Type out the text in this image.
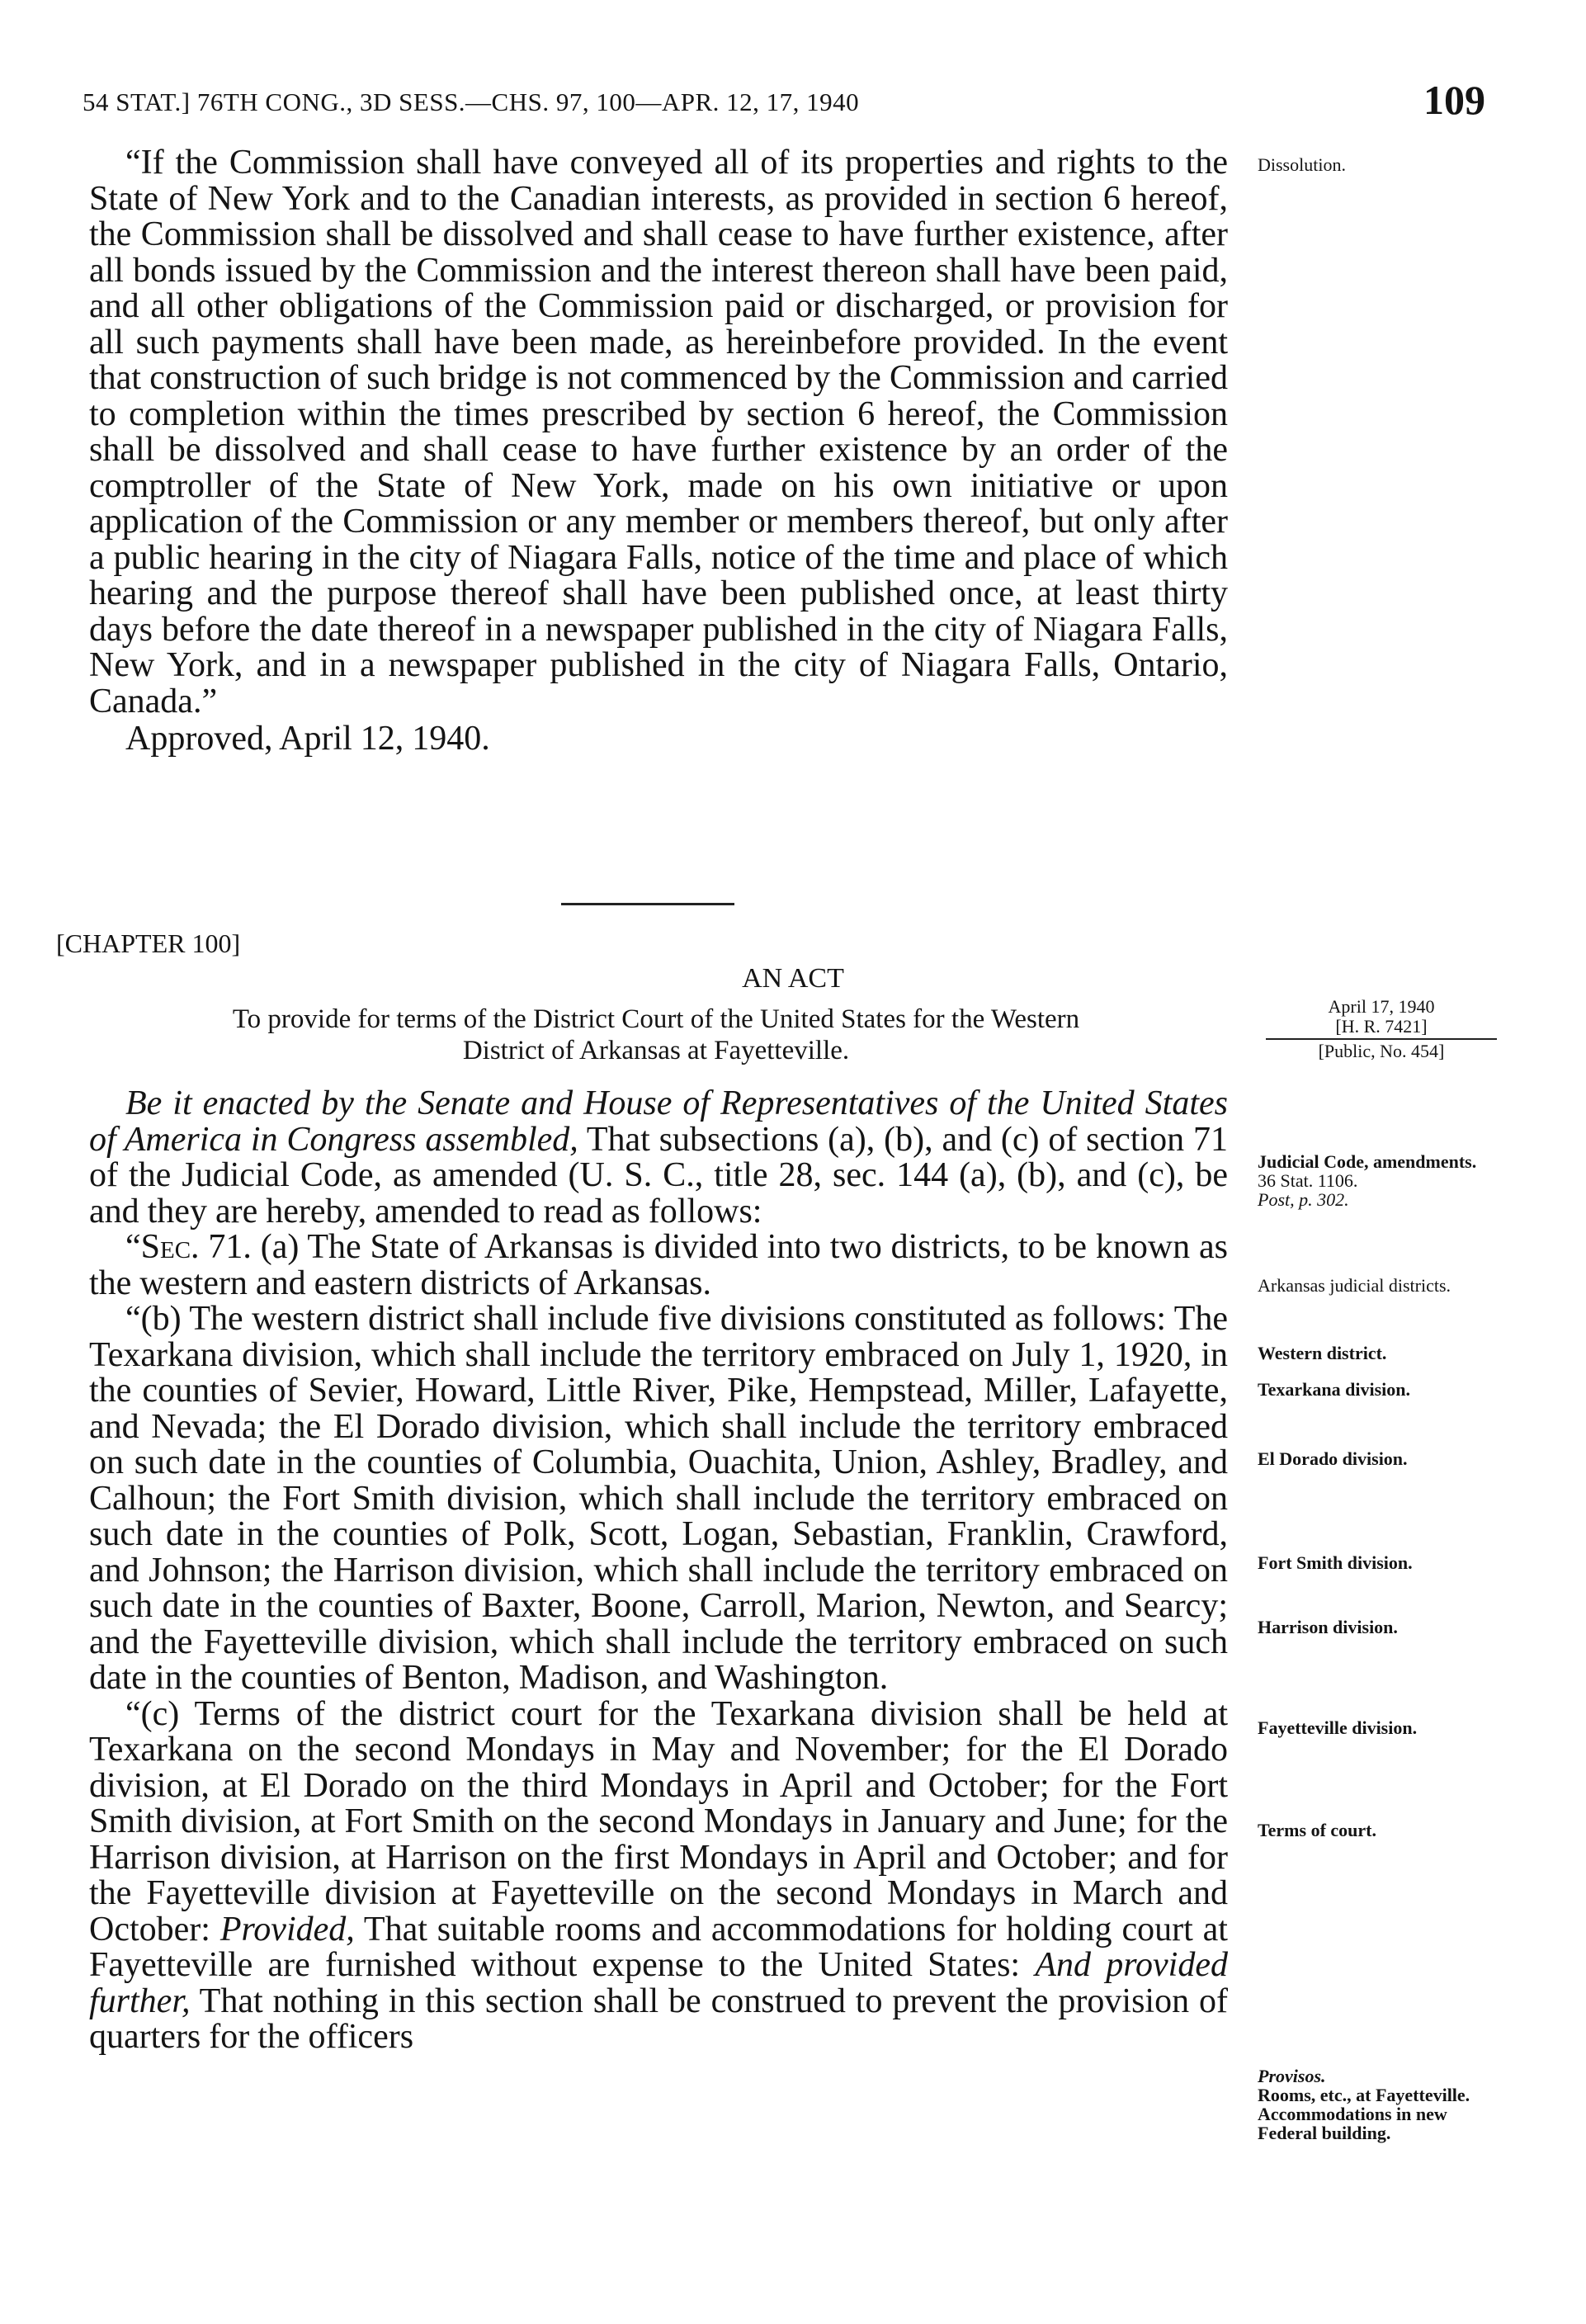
54 STAT.] 76TH CONG., 3D SESS.—CHS. 97, 100—APR. 12, 17, 1940	109

“If the Commission shall have conveyed all of its properties and rights to the State of New York and to the Canadian interests, as provided in section 6 hereof, the Commission shall be dissolved and shall cease to have further existence, after all bonds issued by the Commission and the interest thereon shall have been paid, and all other obligations of the Commission paid or discharged, or provision for all such payments shall have been made, as hereinbefore provided. In the event that construction of such bridge is not commenced by the Commission and carried to completion within the times prescribed by section 6 hereof, the Commission shall be dissolved and shall cease to have further existence by an order of the comptroller of the State of New York, made on his own initiative or upon application of the Commission or any member or members thereof, but only after a public hearing in the city of Niagara Falls, notice of the time and place of which hearing and the purpose thereof shall have been published once, at least thirty days before the date thereof in a newspaper published in the city of Niagara Falls, New York, and in a newspaper published in the city of Niagara Falls, Ontario, Canada.”

Approved, April 12, 1940.

Dissolution.
[CHAPTER 100]
AN ACT
To provide for terms of the District Court of the United States for the Western
District of Arkansas at Fayetteville.
April 17, 1940
[H. R. 7421]
[Public, No. 454]

Be it enacted by the Senate and House of Representatives of the United States of America in Congress assembled, That subsections (a), (b), and (c) of section 71 of the Judicial Code, as amended (U. S. C., title 28, sec. 144 (a), (b), and (c), be and they are hereby, amended to read as follows:

“Sec. 71. (a) The State of Arkansas is divided into two districts, to be known as the western and eastern districts of Arkansas.

“(b) The western district shall include five divisions constituted as follows: The Texarkana division, which shall include the territory embraced on July 1, 1920, in the counties of Sevier, Howard, Little River, Pike, Hempstead, Miller, Lafayette, and Nevada; the El Dorado division, which shall include the territory embraced on such date in the counties of Columbia, Ouachita, Union, Ashley, Bradley, and Calhoun; the Fort Smith division, which shall include the territory embraced on such date in the counties of Polk, Scott, Logan, Sebastian, Franklin, Crawford, and Johnson; the Harrison division, which shall include the territory embraced on such date in the counties of Baxter, Boone, Carroll, Marion, Newton, and Searcy; and the Fayetteville division, which shall include the territory embraced on such date in the counties of Benton, Madison, and Washington.

“(c) Terms of the district court for the Texarkana division shall be held at Texarkana on the second Mondays in May and November; for the El Dorado division, at El Dorado on the third Mondays in April and October; for the Fort Smith division, at Fort Smith on the second Mondays in January and June; for the Harrison division, at Harrison on the first Mondays in April and October; and for the Fayetteville division at Fayetteville on the second Mondays in March and October: Provided, That suitable rooms and accommodations for holding court at Fayetteville are furnished without expense to the United States: And provided further, That nothing in this section shall be construed to prevent the provision of quarters for the officers

Judicial Code, amendments.
36 Stat. 1106.
Post, p. 302.
Arkansas judicial districts.
Western district.
Texarkana division.
El Dorado division.
Fort Smith division.
Harrison division.
Fayetteville division.
Terms of court.
Provisos.
Rooms, etc., at Fayetteville.
Accommodations in new Federal building.
